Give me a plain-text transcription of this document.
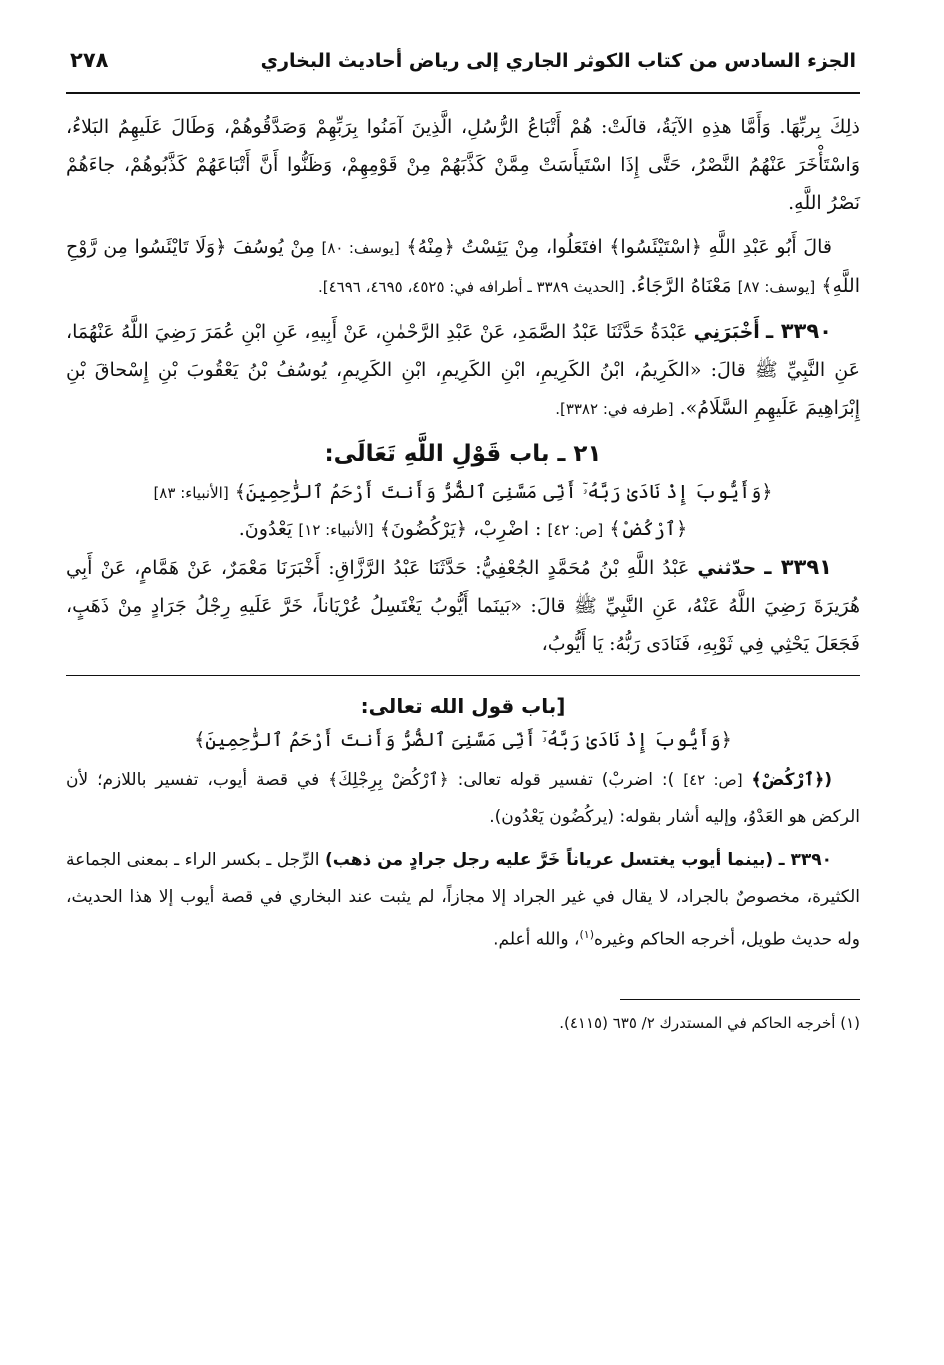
الجزء السادس من كتاب الكوثر الجاري إلى رياض أحاديث البخاري
٢٧٨

ذلِكَ بِربِّهَا. وَأَمَّا هذِهِ الآيَةُ، قالَتْ: هُمْ أَتْبَاعُ الرُّسُلِ، الَّذِينَ آمَنُوا بِرَبِّهِمْ وَصَدَّقُوهُمْ، وَطَالَ عَلَيهِمُ البَلاءُ، وَاسْتَأْخَرَ عَنْهُمُ النَّصْرُ، حَتَّى إِذَا اسْتَيأَسَتْ مِمَّنْ كَذَّبَهُمْ مِنْ قَوْمِهِمْ، وَظَنُّوا أَنَّ أَتْبَاعَهُمْ كَذَّبُوهُمْ، جاءَهُمْ نَصْرُ اللَّهِ.

قالَ أَبُو عَبْدِ اللَّهِ ﴿اسْتَيْئَسُوا﴾ افتَعَلُوا، مِنْ يَئِسْتُ ﴿مِنْهُ﴾ [يوسف: ٨٠] مِنْ يُوسُفَ ﴿وَلَا تَايْئَسُوا مِن رَّوْحِ اللَّهِ﴾ [يوسف: ٨٧] مَعْنَاهُ الرَّجَاءُ. [الحديث ٣٣٨٩ ـ أطرافه في: ٤٥٢٥، ٤٦٩٥، ٤٦٩٦].

٣٣٩٠ ـ أَخْبَرَنِي عَبْدَةُ حَدَّثَنَا عَبْدُ الصَّمَدِ، عَنْ عَبْدِ الرَّحْمٰنِ، عَنْ أَبِيهِ، عَنِ ابْنِ عُمَرَ رَضِيَ اللَّهُ عَنْهُمَا، عَنِ النَّبِيِّ ﷺ قالَ: «الكَرِيمُ، ابْنُ الكَرِيمِ، ابْنِ الكَرِيمِ، ابْنِ الكَرِيمِ، يُوسُفُ بْنُ يَعْقُوبَ بْنِ إِسْحاقَ بْنِ إِبْرَاهِيمَ عَلَيهِمِ السَّلَامُ». [طرفه في: ٣٣٨٢].

٢١ ـ باب قَوْلِ اللَّهِ تَعَالَى:

﴿وَأَيُّوبَ إِذْ نَادَىٰ رَبَّهُۥٓ أَنِّى مَسَّنِىَ ٱلضُّرُّ وَأَنتَ أَرْحَمُ ٱلرَّٰحِمِينَ﴾ [الأنبياء: ٨٣]

﴿ٱرْكُضْ﴾ [ص: ٤٢] : اضْرِبْ، ﴿يَرْكُضُونَ﴾ [الأنبياء: ١٢] يَعْدُونَ.

٣٣٩١ ـ حدّثني عَبْدُ اللَّهِ بْنُ مُحَمَّدٍ الجُعْفِيُّ: حَدَّثَنَا عَبْدُ الرَّزَّاقِ: أَخْبَرَنَا مَعْمَرٌ، عَنْ هَمَّامٍ، عَنْ أَبِي هُرَيرَةَ رَضِيَ اللَّهُ عَنْهُ، عَنِ النَّبِيِّ ﷺ قالَ: «بَينَما أَيُّوبُ يَغْتَسِلُ عُرْيَاناً، خَرَّ عَلَيهِ رِجْلُ جَرَادٍ مِنْ ذَهَبٍ، فَجَعَلَ يَحْثِي فِي ثَوْبِهِ، فَنَادَى رَبُّهُ: يَا أَيُّوبُ،

[باب قول الله تعالى:
﴿وَأَيُّوبَ إِذْ نَادَىٰ رَبَّهُۥٓ أَنِّى مَسَّنِىَ ٱلضُّرُّ وَأَنتَ أَرْحَمُ ٱلرَّٰحِمِينَ﴾

(﴿ٱرْكُضْ﴾ [ص: ٤٢] ): اضربْ) تفسير قوله تعالى: ﴿ٱرْكُضْ بِرِجْلِكَ﴾ في قصة أيوب، تفسير باللازم؛ لأن الركض هو العَدْوُ، وإليه أشار بقوله: (يركُضُون يَعْدُون).

٣٣٩٠ ـ (بينما أيوب يغتسل عرياناً خَرَّ عليه رجل جرادٍ من ذهب) الرِّجل ـ بكسر الراء ـ بمعنى الجماعة الكثيرة، مخصوصٌ بالجراد، لا يقال في غير الجراد إلا مجازاً، لم يثبت عند البخاري في قصة أيوب إلا هذا الحديث، وله حديث طويل، أخرجه الحاكم وغيره$^{(١)}$، والله أعلم.

(١) أخرجه الحاكم في المستدرك ٢/ ٦٣٥ (٤١١٥).
